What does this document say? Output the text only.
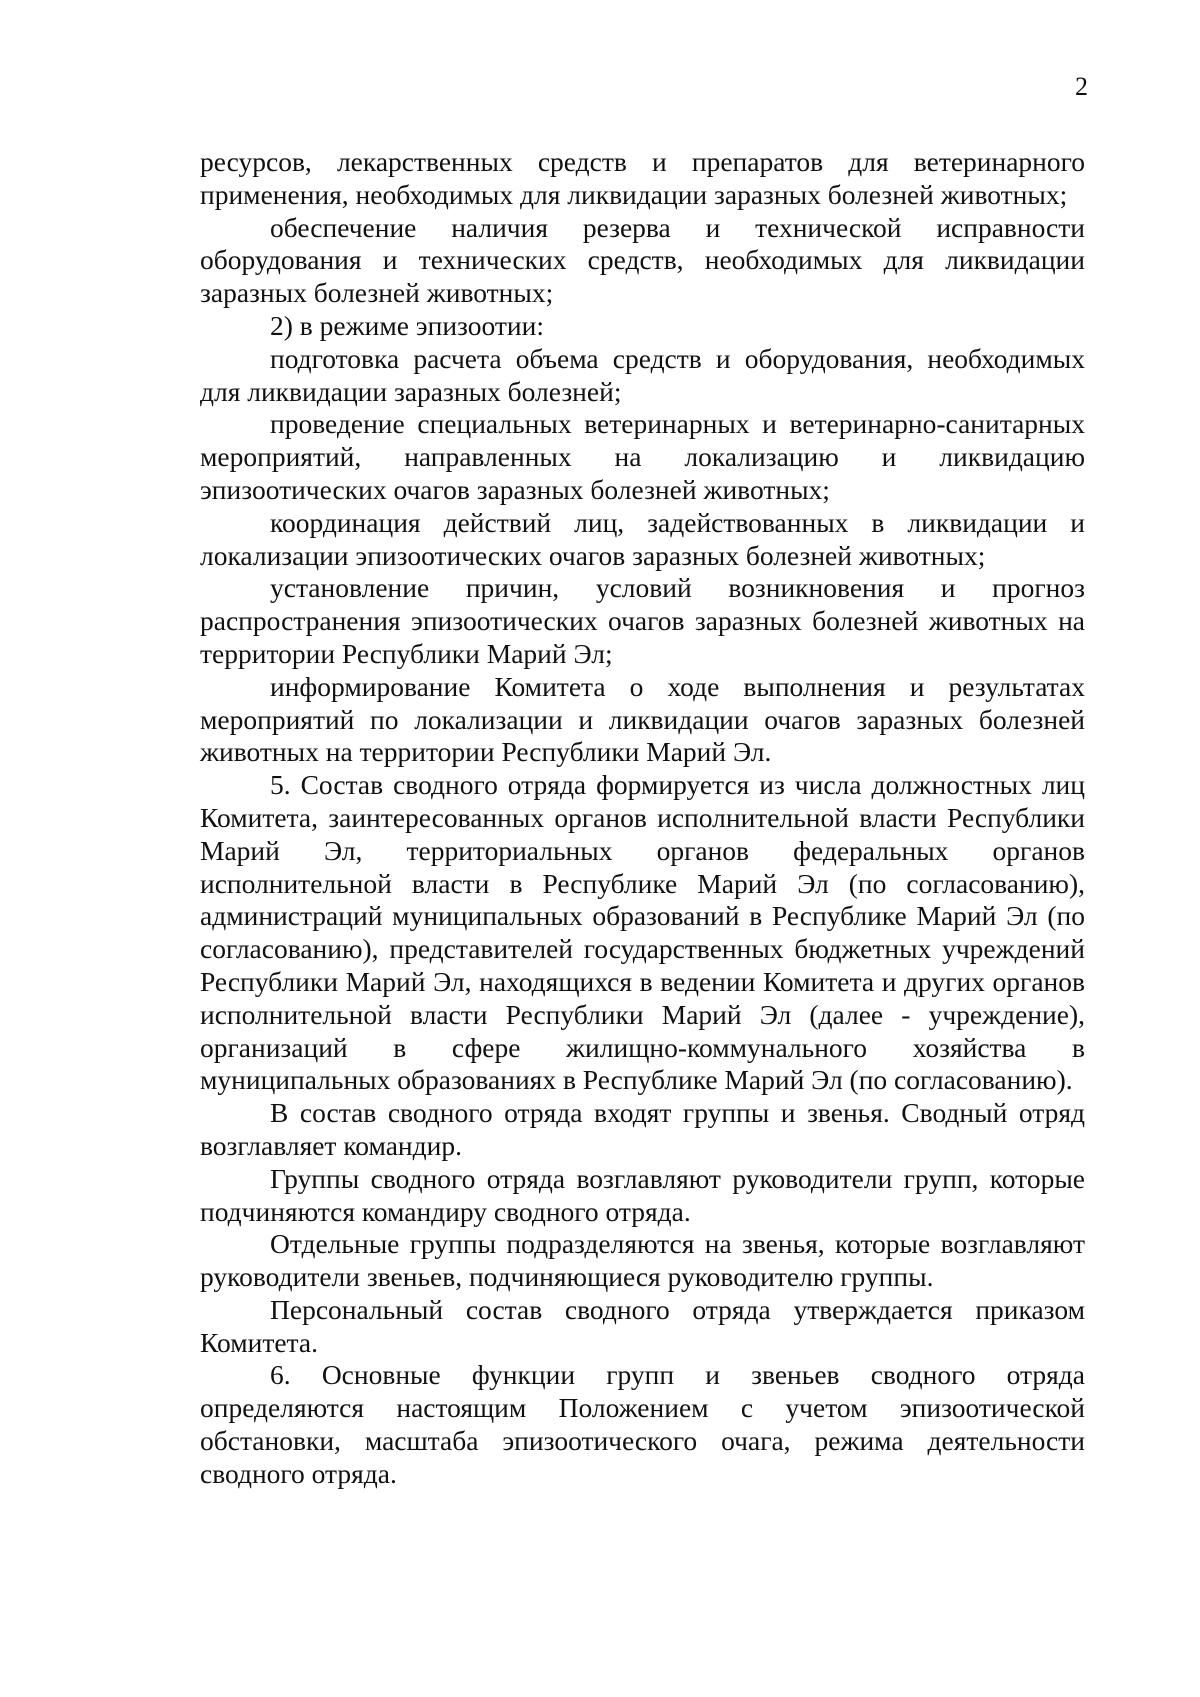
2

ресурсов, лекарственных средств и препаратов для ветеринарного применения, необходимых для ликвидации заразных болезней животных;

обеспечение наличия резерва и технической исправности оборудования и технических средств, необходимых для ликвидации заразных болезней животных;

2) в режиме эпизоотии:

подготовка расчета объема средств и оборудования, необходимых для ликвидации заразных болезней;

проведение специальных ветеринарных и ветеринарно-санитарных мероприятий, направленных на локализацию и ликвидацию эпизоотических очагов заразных болезней животных;

координация действий лиц, задействованных в ликвидации и локализации эпизоотических очагов заразных болезней животных;

установление причин, условий возникновения и прогноз распространения эпизоотических очагов заразных болезней животных на территории Республики Марий Эл;

информирование Комитета о ходе выполнения и результатах мероприятий по локализации и ликвидации очагов заразных болезней животных на территории Республики Марий Эл.

5. Состав сводного отряда формируется из числа должностных лиц Комитета, заинтересованных органов исполнительной власти Республики Марий Эл, территориальных органов федеральных органов исполнительной власти в Республике Марий Эл (по согласованию), администраций муниципальных образований в Республике Марий Эл (по согласованию), представителей государственных бюджетных учреждений Республики Марий Эл, находящихся в ведении Комитета и других органов исполнительной власти Республики Марий Эл (далее - учреждение), организаций в сфере жилищно-коммунального хозяйства в муниципальных образованиях в Республике Марий Эл (по согласованию).

В состав сводного отряда входят группы и звенья. Сводный отряд возглавляет командир.

Группы сводного отряда возглавляют руководители групп, которые подчиняются командиру сводного отряда.

Отдельные группы подразделяются на звенья, которые возглавляют руководители звеньев, подчиняющиеся руководителю группы.

Персональный состав сводного отряда утверждается приказом Комитета.

6. Основные функции групп и звеньев сводного отряда определяются настоящим Положением с учетом эпизоотической обстановки, масштаба эпизоотического очага, режима деятельности сводного отряда.
